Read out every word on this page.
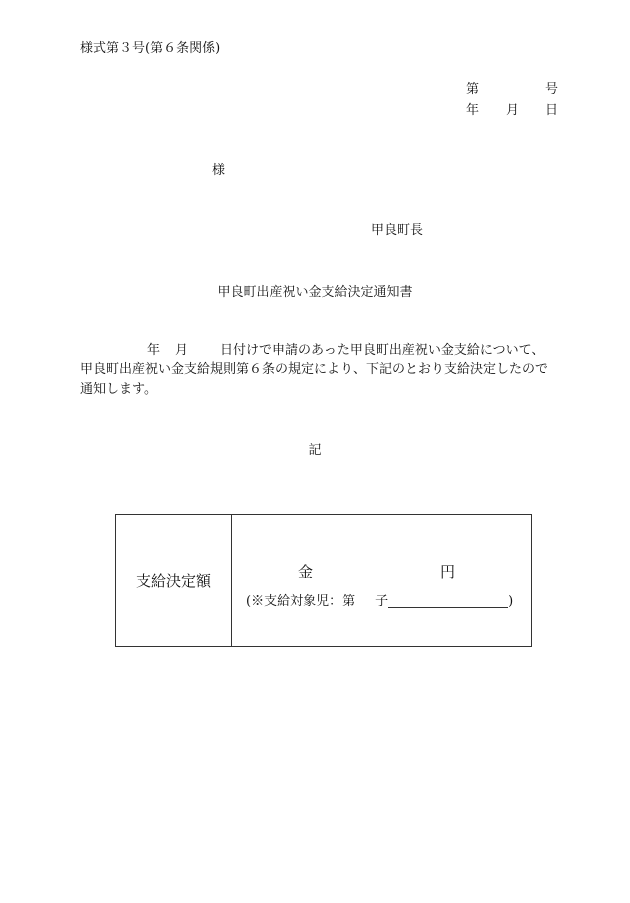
様式第３号(第６条関係)
第	号
年 月 日
様
甲良町長
甲良町出産祝い金支給決定通知書
年 月 日付けで申請のあった甲良町出産祝い金支給について、
甲良町出産祝い金支給規則第６条の規定により、下記のとおり支給決定したので
通知します。
記
支給決定額	金	円
(※支給対象児：第 子	)
